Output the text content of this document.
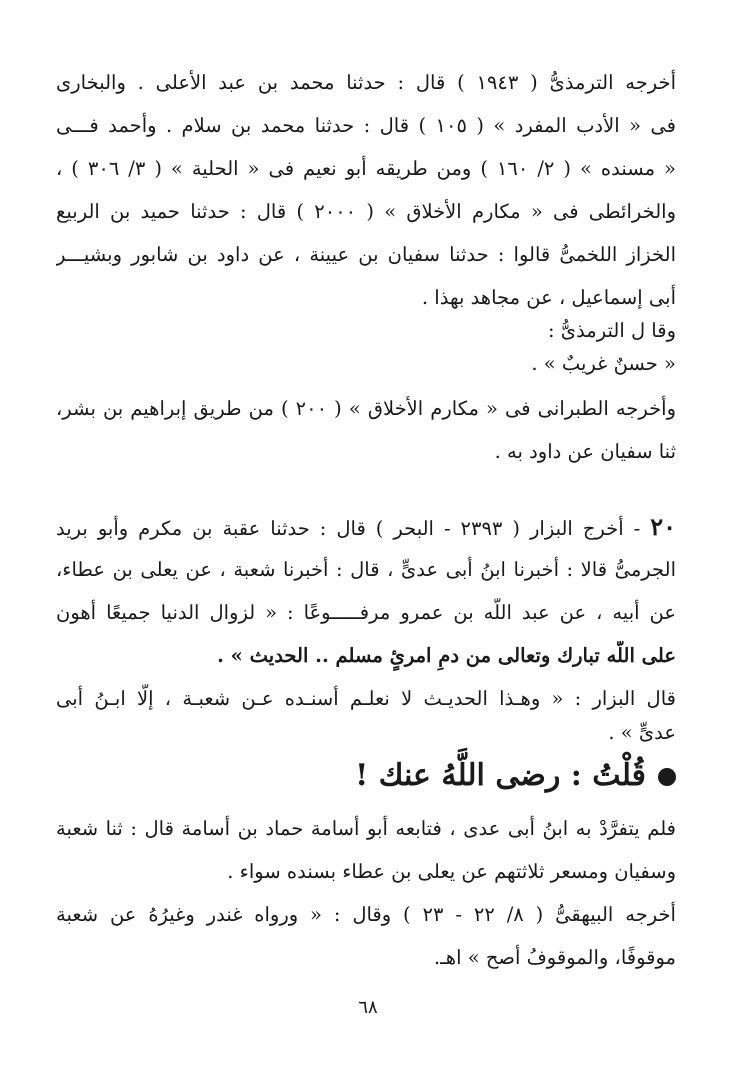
أخرجه الترمذىُّ ( ١٩٤٣ ) قال : حدثنا محمد بن عبد الأعلى . والبخارى
فى « الأدب المفرد » ( ١٠٥ ) قال : حدثنا محمد بن سلام . وأحمد فـــى
« مسنده » ( ٢/ ١٦٠ ) ومن طريقه أبو نعيم فى « الحلية » ( ٣/ ٣٠٦ ) ،
والخرائطى فى « مكارم الأخلاق » ( ٢٠٠٠ ) قال : حدثنا حميد بن الربيع
الخزاز اللخمىُّ قالوا : حدثنا سفيان بن عيينة ، عن داود بن شابور وبشيـــر
أبى إسماعيل ، عن مجاهد بهذا .
وقا ل الترمذىُّ :
« حسنٌ غريبٌ » .
وأخرجه الطبرانى فى « مكارم الأخلاق » ( ٢٠٠ ) من طريق إبراهيم بن بشر،
ثنا سفيان عن داود به .
٢٠ - أخرج البزار ( ٢٣٩٣ - البحر ) قال : حدثنا عقبة بن مكرم وأبو بريد
الجرمىُّ قالا : أخبرنا ابنُ أبى عدىٍّ ، قال : أخبرنا شعبة ، عن يعلى بن عطاء،
عن أبيه ، عن عبد اللَّه بن عمرو مرفـــــوعًا : « لزوال الدنيا جميعًا أهون
على اللَّه تبارك وتعالى من دمِ امرئٍ مسلم .. الحديث » .
قال البزار : « وهـذا الحديـث لا نعلـم أسنـده عـن شعبـة ، إلَّا ابـنُ أبى
عدىٍّ » .
قُلْتُ : رضى اللَّهُ عنك !
فلم يتفرَّدْ به ابنُ أبى عدى ، فتابعه أبو أسامة حماد بن أسامة قال : ثنا شعبة
وسفيان ومسعر ثلاثتهم عن يعلى بن عطاء بسنده سواء .
أخرجه البيهقىُّ ( ٨/ ٢٢ - ٢٣ ) وقال : « ورواه غندر وغيرُهُ عن شعبة
موقوفًا، والموقوفُ أصح » اهـ.
٦٨
